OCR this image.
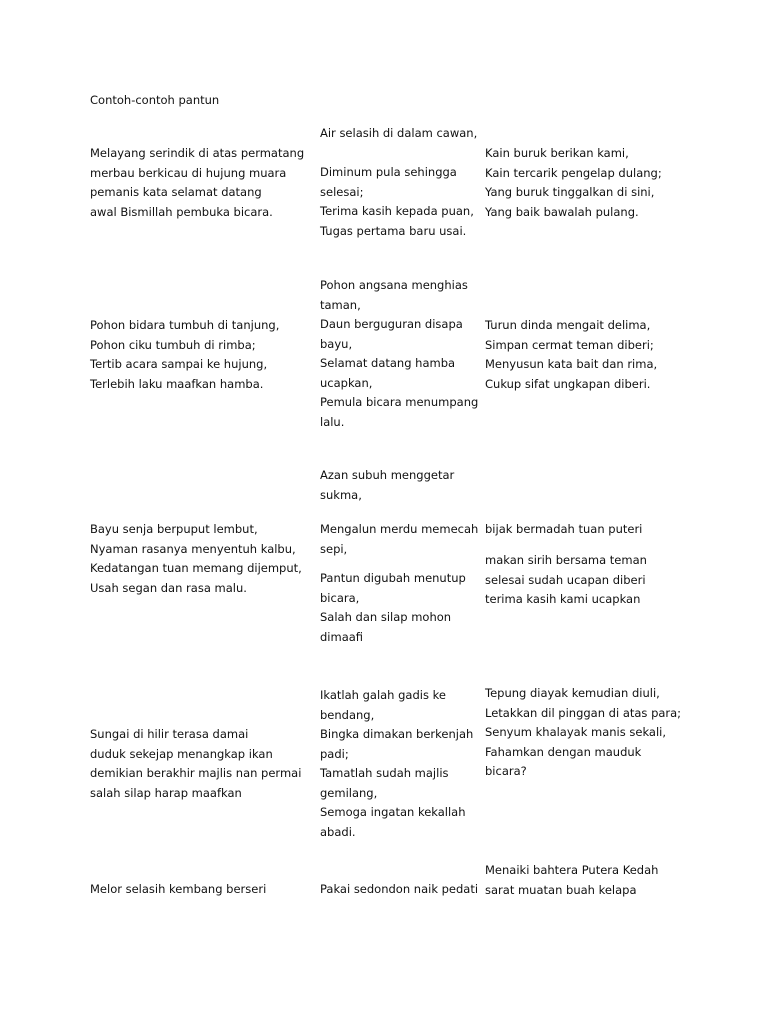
Contoh-contoh pantun
Melayang serindik di atas permatang
merbau berkicau di hujung muara
pemanis kata selamat datang
awal Bismillah pembuka bicara.
Air selasih di dalam cawan,

Diminum pula sehingga selesai;
Terima kasih kepada puan,
Tugas pertama baru usai.
Kain buruk berikan kami,
Kain tercarik pengelap dulang;
Yang buruk tinggalkan di sini,
Yang baik bawalah pulang.
Pohon bidara tumbuh di tanjung,
Pohon ciku tumbuh di rimba;
Tertib acara sampai ke hujung,
Terlebih laku maafkan hamba.
Pohon angsana menghias taman,
Daun berguguran disapa bayu,
Selamat datang hamba ucapkan,
Pemula bicara menumpang lalu.
Turun dinda mengait delima,
Simpan cermat teman diberi;
Menyusun kata bait dan rima,
Cukup sifat ungkapan diberi.
Bayu senja berpuput lembut,
Nyaman rasanya menyentuh kalbu,
Kedatangan tuan memang dijemput,
Usah segan dan rasa malu.
Azan subuh menggetar sukma,
Mengalun merdu memecah sepi,
Pantun digubah menutup bicara,
Salah dan silap mohon dimaafi
bijak bermadah tuan puteri
makan sirih bersama teman
selesai sudah ucapan diberi
terima kasih kami ucapkan
Sungai di hilir terasa damai
duduk sekejap menangkap ikan
demikian berakhir majlis nan permai
salah silap harap maafkan
Ikatlah galah gadis ke bendang,
Bingka dimakan berkenjah padi;
Tamatlah sudah majlis gemilang,
Semoga ingatan kekallah abadi.
Tepung diayak kemudian diuli,
Letakkan dil pinggan di atas para;
Senyum khalayak manis sekali,
Fahamkan dengan mauduk bicara?
Melor selasih kembang berseri	Pakai sedondon naik pedati
Menaiki bahtera Putera Kedah
sarat muatan buah kelapa
